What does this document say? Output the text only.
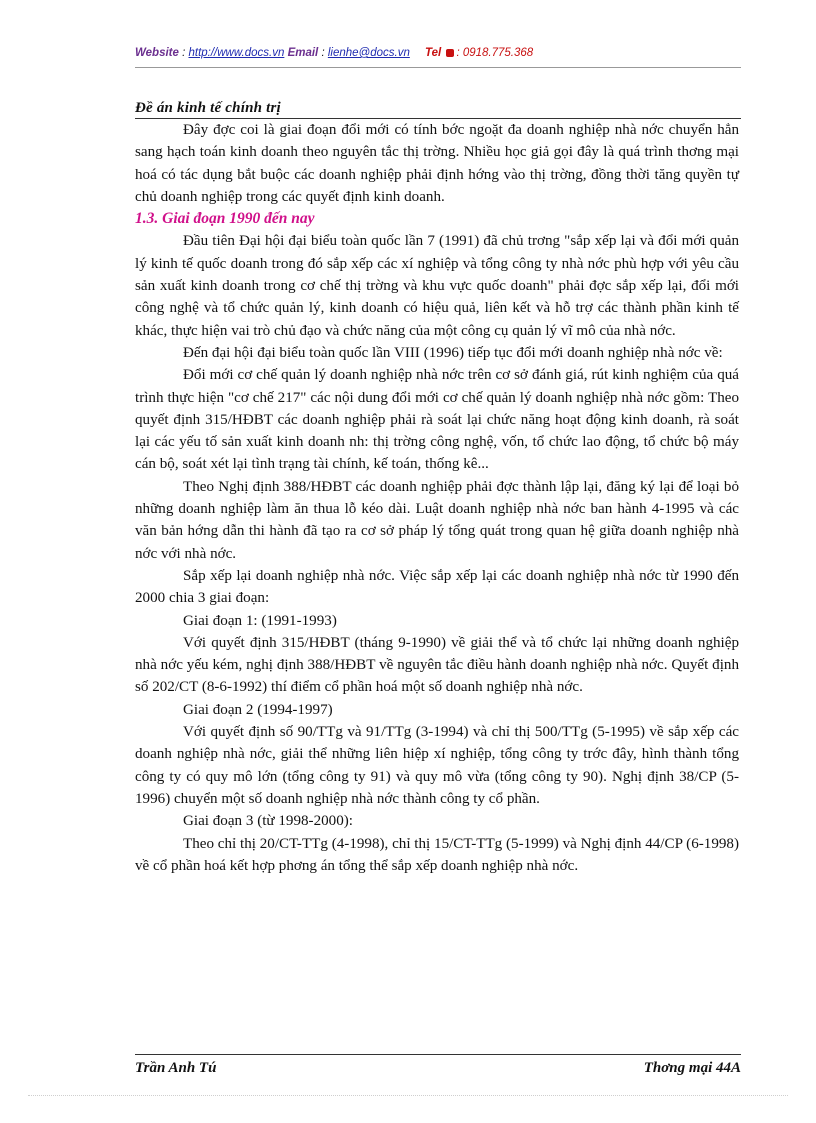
Website : http://www.docs.vn Email : lienhe@docs.vn Tel : 0918.775.368
Đề án kinh tế chính trị

Đây đợc coi là giai đoạn đổi mới có tính bớc ngoặt đa doanh nghiệp nhà nớc chuyển hẳn sang hạch toán kinh doanh theo nguyên tắc thị trờng. Nhiều học giả gọi đây là quá trình thơng mại hoá có tác dụng bắt buộc các doanh nghiệp phải định hớng vào thị trờng, đồng thời tăng quyền tự chủ doanh nghiệp trong các quyết định kinh doanh.

1.3. Giai đoạn 1990 đến nay

Đầu tiên Đại hội đại biểu toàn quốc lần 7 (1991) đã chủ trơng "sắp xếp lại và đổi mới quản lý kinh tế quốc doanh trong đó sắp xếp các xí nghiệp và tổng công ty nhà nớc phù hợp với yêu cầu sản xuất kinh doanh trong cơ chế thị trờng và khu vực quốc doanh" phải đợc sắp xếp lại, đổi mới công nghệ và tổ chức quản lý, kinh doanh có hiệu quả, liên kết và hỗ trợ các thành phần kinh tế khác, thực hiện vai trò chủ đạo và chức năng của một công cụ quản lý vĩ mô của nhà nớc.

Đến đại hội đại biểu toàn quốc lần VIII (1996) tiếp tục đổi mới doanh nghiệp nhà nớc về:

Đổi mới cơ chế quản lý doanh nghiệp nhà nớc trên cơ sở đánh giá, rút kinh nghiệm của quá trình thực hiện "cơ chế 217" các nội dung đổi mới cơ chế quản lý doanh nghiệp nhà nớc gồm: Theo quyết định 315/HĐBT các doanh nghiệp phải rà soát lại chức năng hoạt động kinh doanh, rà soát lại các yếu tố sản xuất kinh doanh nh: thị trờng công nghệ, vốn, tổ chức lao động, tổ chức bộ máy cán bộ, soát xét lại tình trạng tài chính, kế toán, thống kê...

Theo Nghị định 388/HĐBT các doanh nghiệp phải đợc thành lập lại, đăng ký lại để loại bỏ những doanh nghiệp làm ăn thua lỗ kéo dài. Luật doanh nghiệp nhà nớc ban hành 4-1995 và các văn bản hớng dẫn thi hành đã tạo ra cơ sở pháp lý tổng quát trong quan hệ giữa doanh nghiệp nhà nớc với nhà nớc.

Sắp xếp lại doanh nghiệp nhà nớc. Việc sắp xếp lại các doanh nghiệp nhà nớc từ 1990 đến 2000 chia 3 giai đoạn:

Giai đoạn 1: (1991-1993)

Với quyết định 315/HĐBT (tháng 9-1990) về giải thể và tổ chức lại những doanh nghiệp nhà nớc yếu kém, nghị định 388/HĐBT về nguyên tắc điều hành doanh nghiệp nhà nớc. Quyết định số 202/CT (8-6-1992) thí điểm cổ phần hoá một số doanh nghiệp nhà nớc.

Giai đoạn 2 (1994-1997)

Với quyết định số 90/TTg và 91/TTg (3-1994) và chỉ thị 500/TTg (5-1995) về sắp xếp các doanh nghiệp nhà nớc, giải thể những liên hiệp xí nghiệp, tổng công ty trớc đây, hình thành tổng công ty có quy mô lớn (tổng công ty 91) và quy mô vừa (tổng công ty 90). Nghị định 38/CP (5-1996) chuyển một số doanh nghiệp nhà nớc thành công ty cổ phần.

Giai đoạn 3 (từ 1998-2000):

Theo chỉ thị 20/CT-TTg (4-1998), chỉ thị 15/CT-TTg (5-1999) và Nghị định 44/CP (6-1998) về cổ phần hoá kết hợp phơng án tổng thể sắp xếp doanh nghiệp nhà nớc.

Trần Anh Tú	Thơng mại 44A
